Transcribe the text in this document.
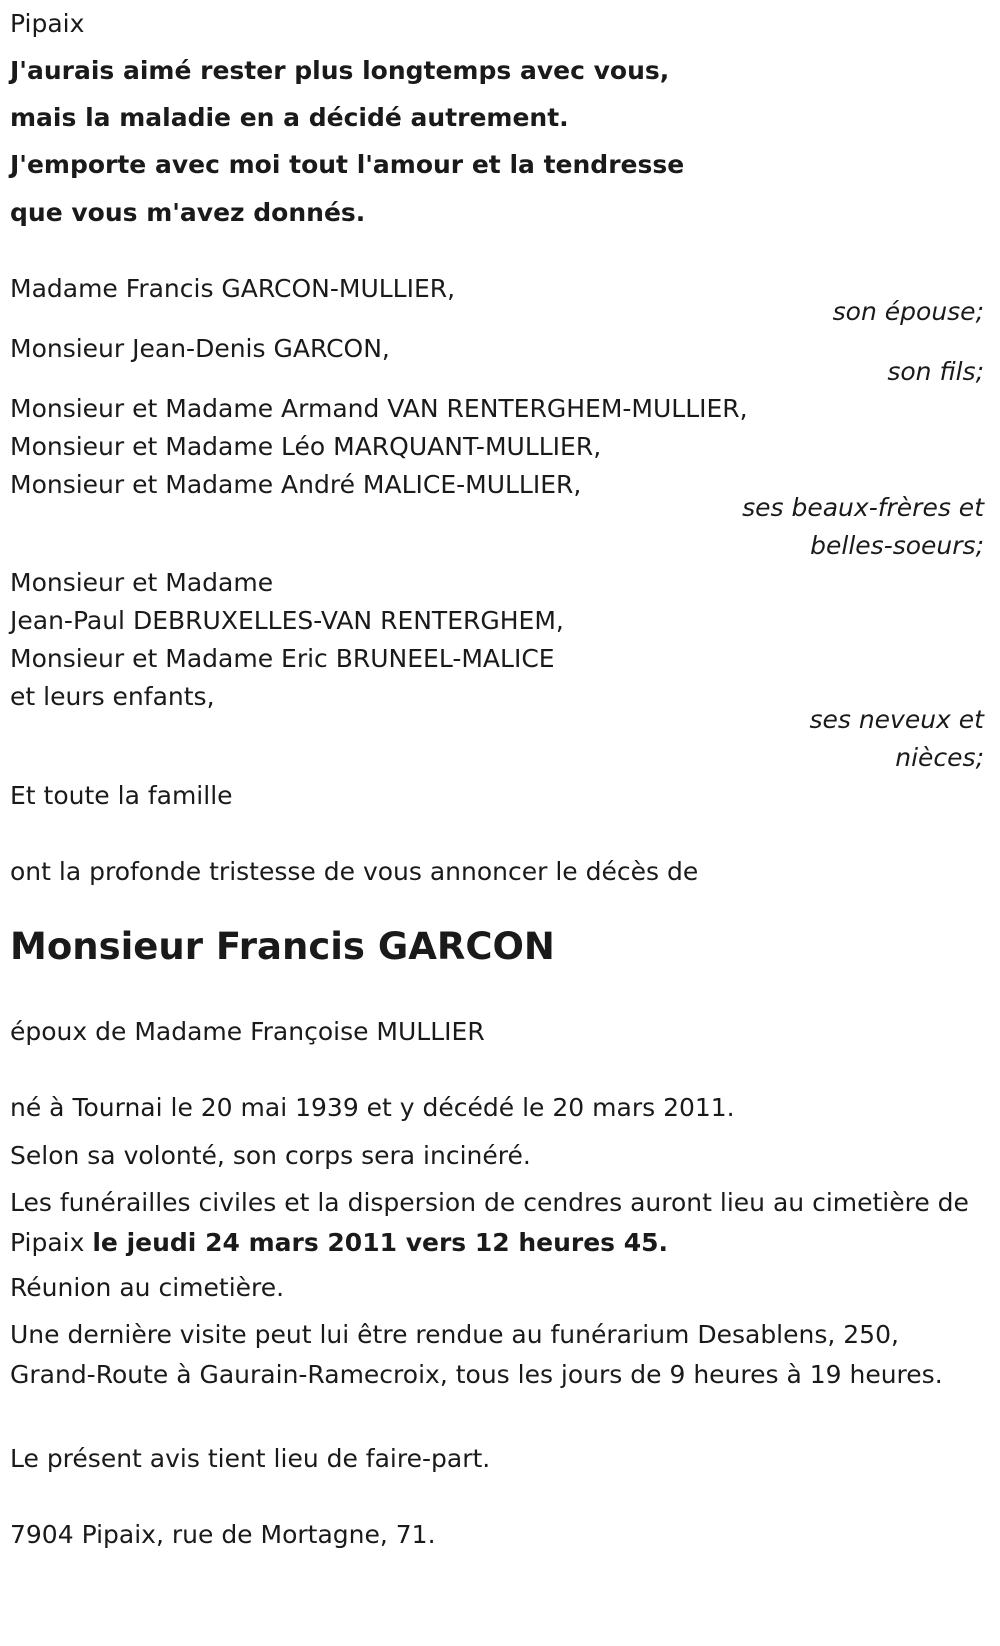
Pipaix
J'aurais aimé rester plus longtemps avec vous,
mais la maladie en a décidé autrement.
J'emporte avec moi tout l'amour et la tendresse
que vous m'avez donnés.
Madame Francis GARCON-MULLIER,
son épouse;
Monsieur Jean-Denis GARCON,
son fils;
Monsieur et Madame Armand VAN RENTERGHEM-MULLIER,
Monsieur et Madame Léo MARQUANT-MULLIER,
Monsieur et Madame André MALICE-MULLIER,
ses beaux-frères et
belles-soeurs;
Monsieur et Madame
Jean-Paul DEBRUXELLES-VAN RENTERGHEM,
Monsieur et Madame Eric BRUNEEL-MALICE
et leurs enfants,
ses neveux et
nièces;
Et toute la famille
ont la profonde tristesse de vous annoncer le décès de
Monsieur Francis GARCON
époux de Madame Françoise MULLIER
né à Tournai le 20 mai 1939 et y décédé le 20 mars 2011.
Selon sa volonté, son corps sera incinéré.
Les funérailles civiles et la dispersion de cendres auront lieu au cimetière de Pipaix le jeudi 24 mars 2011 vers 12 heures 45.
Réunion au cimetière.
Une dernière visite peut lui être rendue au funérarium Desablens, 250, Grand-Route à Gaurain-Ramecroix, tous les jours de 9 heures à 19 heures.
Le présent avis tient lieu de faire-part.
7904 Pipaix, rue de Mortagne, 71.
